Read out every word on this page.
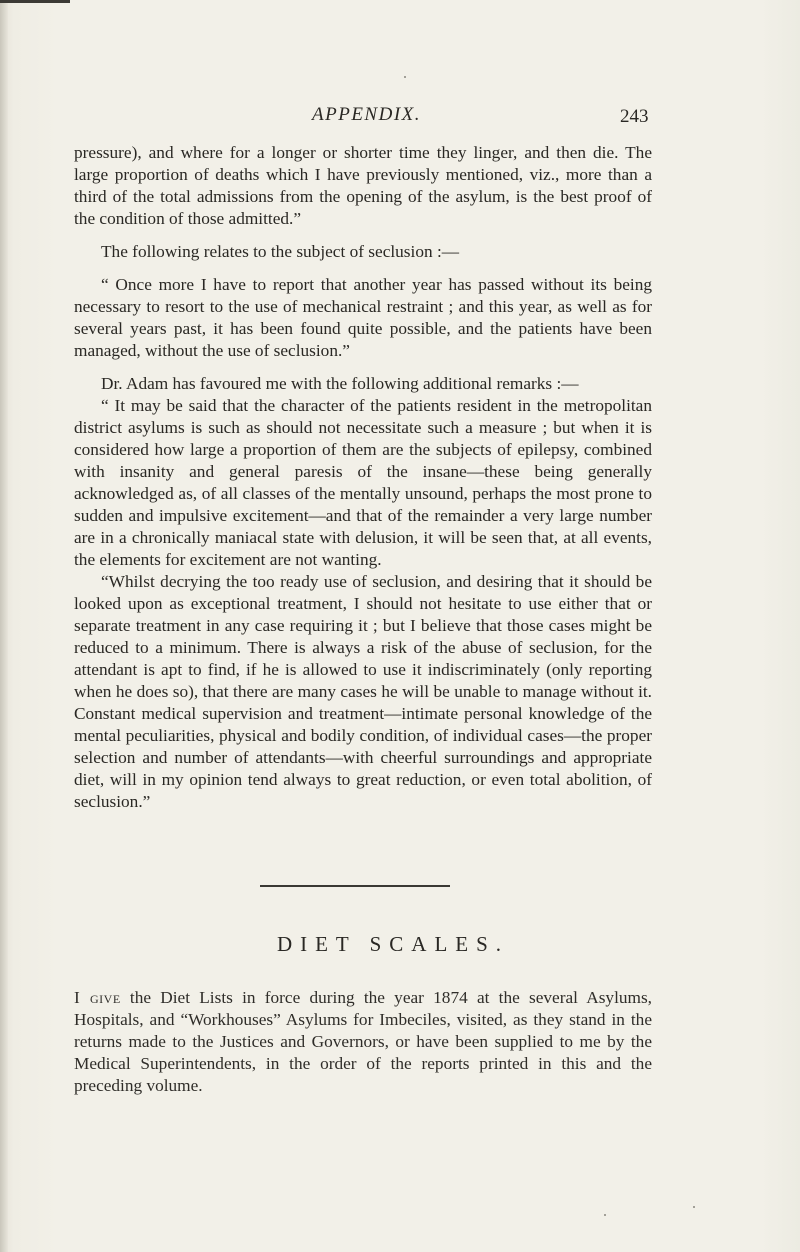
APPENDIX.	243

pressure), and where for a longer or shorter time they linger, and then die. The large proportion of deaths which I have previously mentioned, viz., more than a third of the total admissions from the opening of the asylum, is the best proof of the condition of those admitted.”

The following relates to the subject of seclusion :—

“ Once more I have to report that another year has passed without its being necessary to resort to the use of mechanical restraint ; and this year, as well as for several years past, it has been found quite possible, and the patients have been managed, without the use of seclusion.”

Dr. Adam has favoured me with the following additional remarks :—

“ It may be said that the character of the patients resident in the metropolitan district asylums is such as should not necessitate such a measure ; but when it is considered how large a proportion of them are the subjects of epilepsy, combined with insanity and general paresis of the insane—these being generally acknowledged as, of all classes of the mentally unsound, perhaps the most prone to sudden and impulsive excitement—and that of the remainder a very large number are in a chronically maniacal state with delusion, it will be seen that, at all events, the elements for excitement are not wanting.

“Whilst decrying the too ready use of seclusion, and desiring that it should be looked upon as exceptional treatment, I should not hesitate to use either that or separate treatment in any case requiring it ; but I believe that those cases might be reduced to a minimum. There is always a risk of the abuse of seclusion, for the attendant is apt to find, if he is allowed to use it indiscriminately (only reporting when he does so), that there are many cases he will be unable to manage without it. Constant medical supervision and treatment—intimate personal knowledge of the mental peculiarities, physical and bodily condition, of individual cases—the proper selection and number of attendants—with cheerful surroundings and appropriate diet, will in my opinion tend always to great reduction, or even total abolition, of seclusion.”

DIET SCALES.

I give the Diet Lists in force during the year 1874 at the several Asylums, Hospitals, and “Workhouses” Asylums for Imbeciles, visited, as they stand in the returns made to the Justices and Governors, or have been supplied to me by the Medical Superintendents, in the order of the reports printed in this and the preceding volume.
